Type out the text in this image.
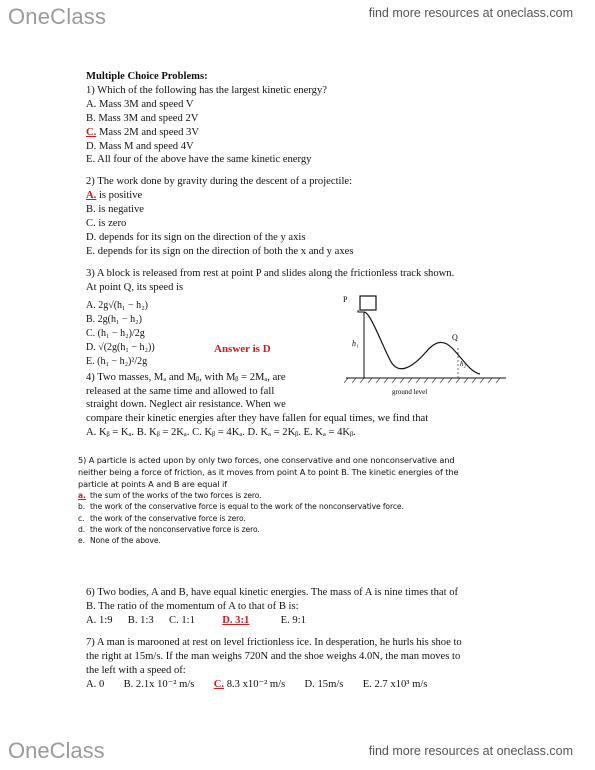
OneClass	find more resources at oneclass.com
Multiple Choice Problems:
1) Which of the following has the largest kinetic energy?
A. Mass 3M and speed V
B. Mass 3M and speed 2V
C. Mass 2M and speed 3V
D. Mass M and speed 4V
E. All four of the above have the same kinetic energy
2) The work done by gravity during the descent of a projectile:
A. is positive
B. is negative
C. is zero
D. depends for its sign on the direction of the y axis
E. depends for its sign on the direction of both the x and y axes
3) A block is released from rest at point P and slides along the frictionless track shown.
At point Q, its speed is
A. 2g√(h₁ − h₂)
B. 2g(h₁ − h₂)
C. (h₁ − h₂)/2g
D. √(2g(h₁ − h₂))
E. (h₁ − h₂)²/2g
Answer is D
4) Two masses, Mₐ and Mᵦ, with Mᵦ = 2Mₐ, are
released at the same time and allowed to fall
straight down. Neglect air resistance. When we
compare their kinetic energies after they have fallen for equal times, we find that
A. Kᵦ = Kₐ. B. Kᵦ = 2Kₐ. C. Kᵦ = 4Kₐ. D. Kₐ = 2Kᵦ. E. Kₐ = 4Kᵦ.
5) A particle is acted upon by only two forces, one conservative and one nonconservative and
neither being a force of friction, as it moves from point A to point B. The kinetic energies of the
particle at points A and B are equal if
a. the sum of the works of the two forces is zero.
b. the work of the conservative force is equal to the work of the nonconservative force.
c. the work of the conservative force is zero.
d. the work of the nonconservative force is zero.
e. None of the above.
6) Two bodies, A and B, have equal kinetic energies. The mass of A is nine times that of
B. The ratio of the momentum of A to that of B is:
A. 1:9 B. 1:3 C. 1:1	D. 3:1	E. 9:1
7) A man is marooned at rest on level frictionless ice. In desperation, he hurls his shoe to
the right at 15m/s. If the man weighs 720N and the shoe weighs 4.0N, the man moves to
the left with a speed of:
A. 0 B. 2.1x 10⁻² m/s C. 8.3 x10⁻² m/s D. 15m/s E. 2.7 x10³ m/s
P
h₁
h₂
Q
ground level
OneClass	find more resources at oneclass.com
